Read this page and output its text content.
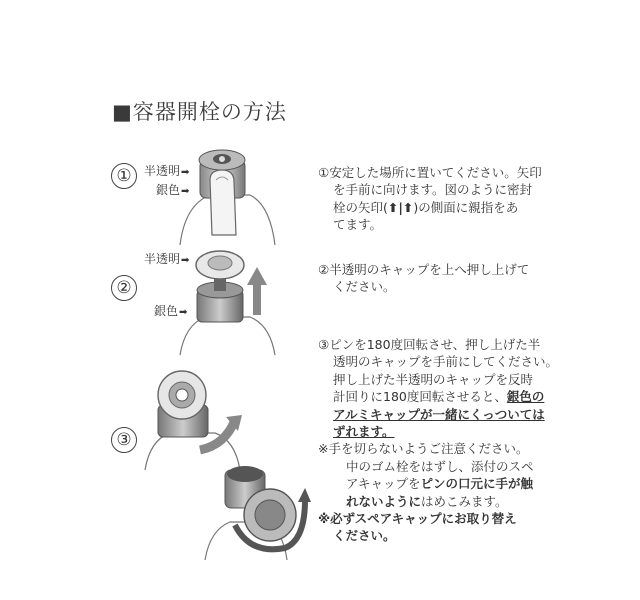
■容器開栓の方法
①	半透明➡
銀色➡

①安定した場所に置いてください。矢印

を手前に向けます。図のように密封

栓の矢印(⬆|⬆)の側面に親指をあ

てます。

②
半透明➡
銀色➡

②半透明のキャップを上へ押し上げて

ください。

③

③ピンを180度回転させ、押し上げた半

透明のキャップを手前にしてください。

押し上げた半透明のキャップを反時

計回りに180度回転させると、銀色の

アルミキャップが一緒にくっついては

ずれます。

※手を切らないようご注意ください。

中のゴム栓をはずし、添付のスペ

アキャップをピンの口元に手が触

れないようにはめこみます。

※必ずスペアキャップにお取り替え

ください。
